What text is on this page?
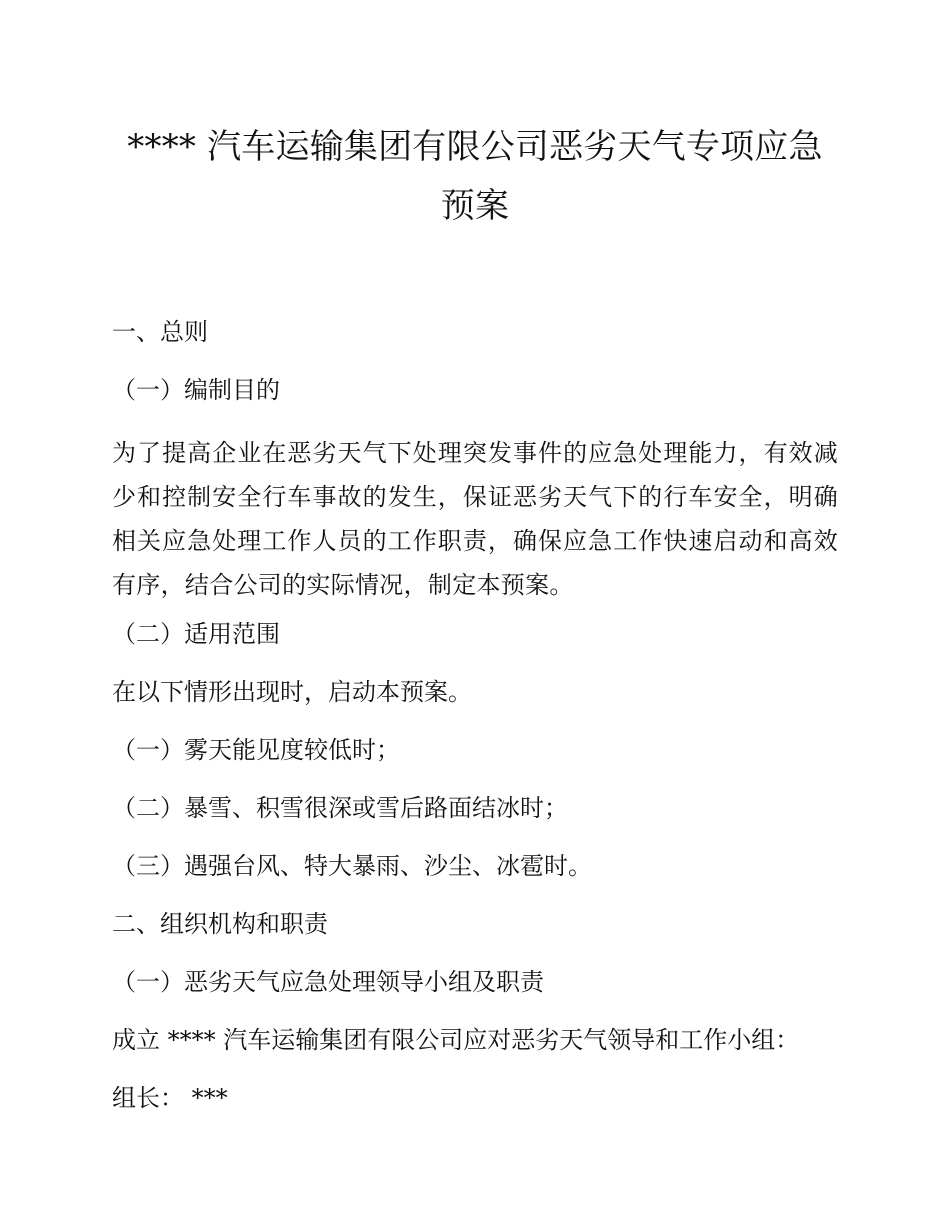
**** 汽车运输集团有限公司恶劣天气专项应急预案
一、总则
（一）编制目的
为了提高企业在恶劣天气下处理突发事件的应急处理能力，有效减少和控制安全行车事故的发生，保证恶劣天气下的行车安全，明确相关应急处理工作人员的工作职责，确保应急工作快速启动和高效有序，结合公司的实际情况，制定本预案。
（二）适用范围
在以下情形出现时，启动本预案。
（一）雾天能见度较低时；
（二）暴雪、积雪很深或雪后路面结冰时；
（三）遇强台风、特大暴雨、沙尘、冰雹时。
二、组织机构和职责
（一）恶劣天气应急处理领导小组及职责
成立 **** 汽车运输集团有限公司应对恶劣天气领导和工作小组：
组长： ***
